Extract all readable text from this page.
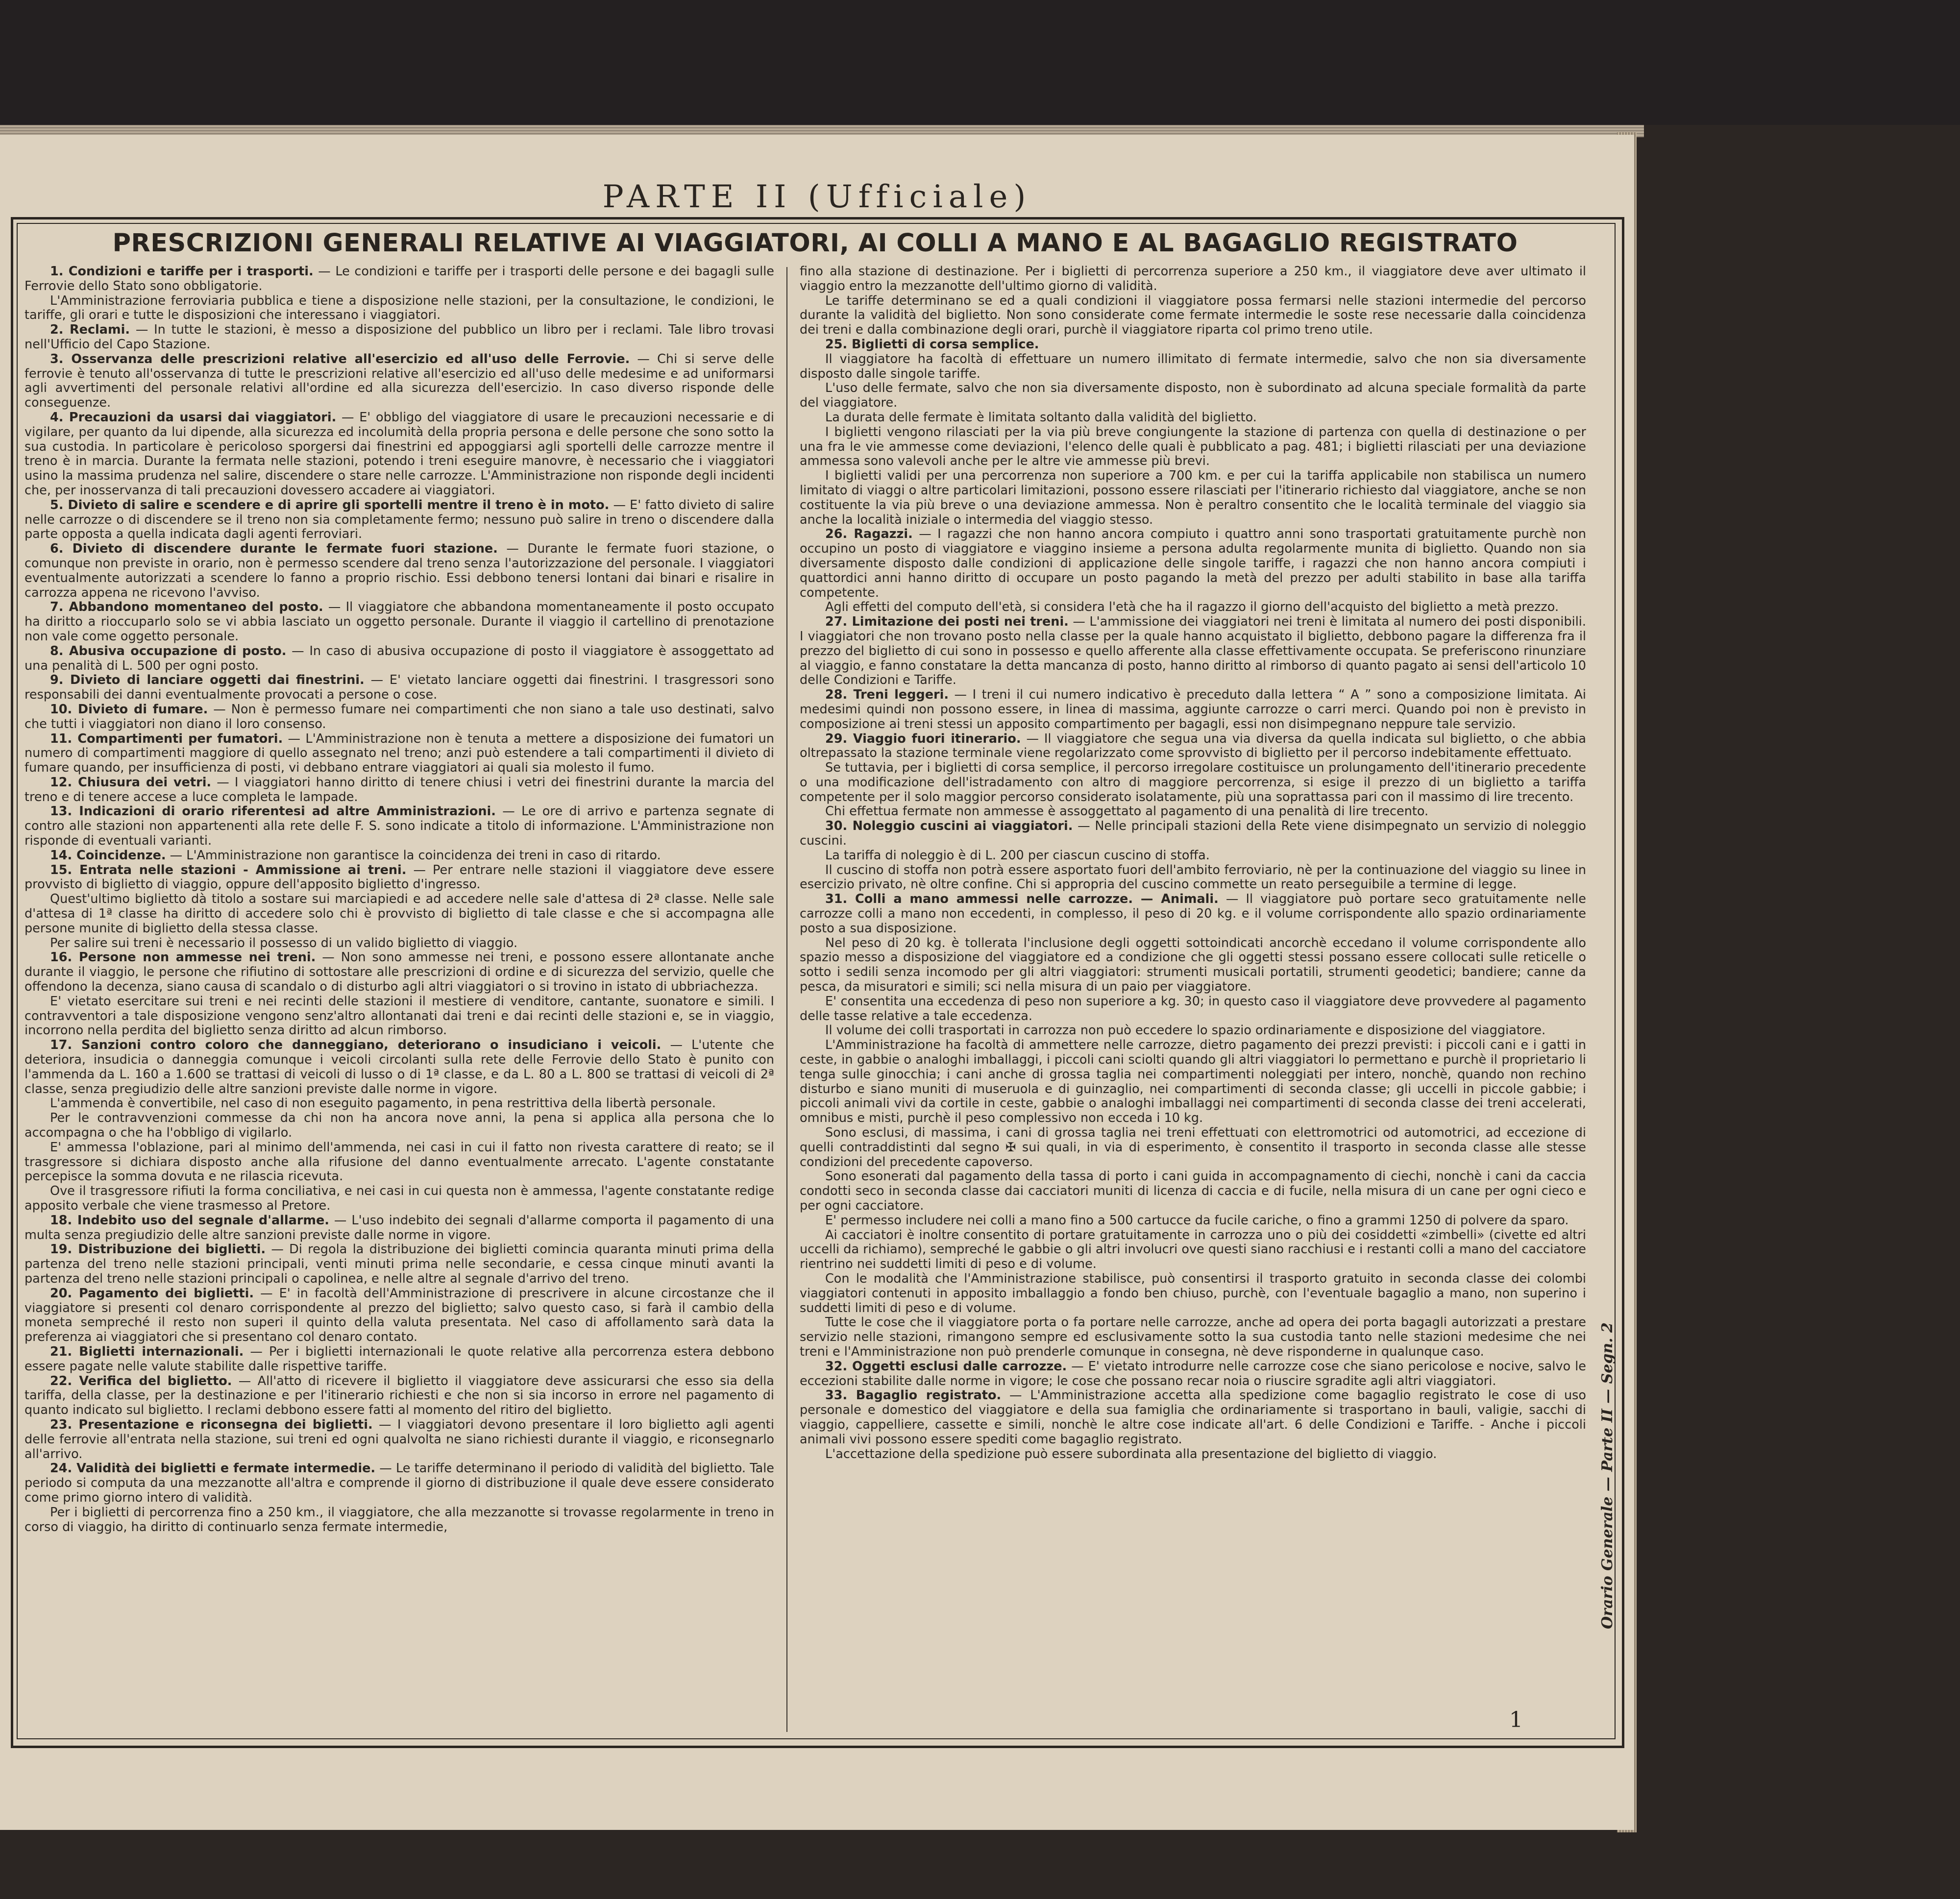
PARTE II (Ufficiale)
PRESCRIZIONI GENERALI RELATIVE AI VIAGGIATORI, AI COLLI A MANO E AL BAGAGLIO REGISTRATO

1. Condizioni e tariffe per i trasporti. — Le condizioni e tariffe per i trasporti delle persone e dei bagagli sulle Ferrovie dello Stato sono obbligatorie.

L'Amministrazione ferroviaria pubblica e tiene a disposizione nelle stazioni, per la consultazione, le condizioni, le tariffe, gli orari e tutte le disposizioni che interessano i viaggiatori.

2. Reclami. — In tutte le stazioni, è messo a disposizione del pubblico un libro per i reclami. Tale libro trovasi nell'Ufficio del Capo Stazione.

3. Osservanza delle prescrizioni relative all'esercizio ed all'uso delle Ferrovie. — Chi si serve delle ferrovie è tenuto all'osservanza di tutte le prescrizioni relative all'esercizio ed all'uso delle medesime e ad uniformarsi agli avvertimenti del personale relativi all'ordine ed alla sicurezza dell'esercizio. In caso diverso risponde delle conseguenze.

4. Precauzioni da usarsi dai viaggiatori. — E' obbligo del viaggiatore di usare le precauzioni necessarie e di vigilare, per quanto da lui dipende, alla sicurezza ed incolumità della propria persona e delle persone che sono sotto la sua custodia. In particolare è pericoloso sporgersi dai finestrini ed appoggiarsi agli sportelli delle carrozze mentre il treno è in marcia. Durante la fermata nelle stazioni, potendo i treni eseguire manovre, è necessario che i viaggiatori usino la massima prudenza nel salire, discendere o stare nelle carrozze. L'Amministrazione non risponde degli incidenti che, per inosservanza di tali precauzioni dovessero accadere ai viaggiatori.

5. Divieto di salire e scendere e di aprire gli sportelli mentre il treno è in moto. — E' fatto divieto di salire nelle carrozze o di discendere se il treno non sia completamente fermo; nessuno può salire in treno o discendere dalla parte opposta a quella indicata dagli agenti ferroviari.

6. Divieto di discendere durante le fermate fuori stazione. — Durante le fermate fuori stazione, o comunque non previste in orario, non è permesso scendere dal treno senza l'autorizzazione del personale. I viaggiatori eventualmente autorizzati a scendere lo fanno a proprio rischio. Essi debbono tenersi lontani dai binari e risalire in carrozza appena ne ricevono l'avviso.

7. Abbandono momentaneo del posto. — Il viaggiatore che abbandona momentaneamente il posto occupato ha diritto a rioccuparlo solo se vi abbia lasciato un oggetto personale. Durante il viaggio il cartellino di prenotazione non vale come oggetto personale.

8. Abusiva occupazione di posto. — In caso di abusiva occupazione di posto il viaggiatore è assoggettato ad una penalità di L. 500 per ogni posto.

9. Divieto di lanciare oggetti dai finestrini. — E' vietato lanciare oggetti dai finestrini. I trasgressori sono responsabili dei danni eventualmente provocati a persone o cose.

10. Divieto di fumare. — Non è permesso fumare nei compartimenti che non siano a tale uso destinati, salvo che tutti i viaggiatori non diano il loro consenso.

11. Compartimenti per fumatori. — L'Amministrazione non è tenuta a mettere a disposizione dei fumatori un numero di compartimenti maggiore di quello assegnato nel treno; anzi può estendere a tali compartimenti il divieto di fumare quando, per insufficienza di posti, vi debbano entrare viaggiatori ai quali sia molesto il fumo.

12. Chiusura dei vetri. — I viaggiatori hanno diritto di tenere chiusi i vetri dei finestrini durante la marcia del treno e di tenere accese a luce completa le lampade.

13. Indicazioni di orario riferentesi ad altre Amministrazioni. — Le ore di arrivo e partenza segnate di contro alle stazioni non appartenenti alla rete delle F. S. sono indicate a titolo di informazione. L'Amministrazione non risponde di eventuali varianti.

14. Coincidenze. — L'Amministrazione non garantisce la coincidenza dei treni in caso di ritardo.

15. Entrata nelle stazioni - Ammissione ai treni. — Per entrare nelle stazioni il viaggiatore deve essere provvisto di biglietto di viaggio, oppure dell'apposito biglietto d'ingresso.

Quest'ultimo biglietto dà titolo a sostare sui marciapiedi e ad accedere nelle sale d'attesa di 2ª classe. Nelle sale d'attesa di 1ª classe ha diritto di accedere solo chi è provvisto di biglietto di tale classe e che si accompagna alle persone munite di biglietto della stessa classe.

Per salire sui treni è necessario il possesso di un valido biglietto di viaggio.

16. Persone non ammesse nei treni. — Non sono ammesse nei treni, e possono essere allontanate anche durante il viaggio, le persone che rifiutino di sottostare alle prescrizioni di ordine e di sicurezza del servizio, quelle che offendono la decenza, siano causa di scandalo o di disturbo agli altri viaggiatori o si trovino in istato di ubbriachezza.

E' vietato esercitare sui treni e nei recinti delle stazioni il mestiere di venditore, cantante, suonatore e simili. I contravventori a tale disposizione vengono senz'altro allontanati dai treni e dai recinti delle stazioni e, se in viaggio, incorrono nella perdita del biglietto senza diritto ad alcun rimborso.

17. Sanzioni contro coloro che danneggiano, deteriorano o insudiciano i veicoli. — L'utente che deteriora, insudicia o danneggia comunque i veicoli circolanti sulla rete delle Ferrovie dello Stato è punito con l'ammenda da L. 160 a 1.600 se trattasi di veicoli di lusso o di 1ª classe, e da L. 80 a L. 800 se trattasi di veicoli di 2ª classe, senza pregiudizio delle altre sanzioni previste dalle norme in vigore.

L'ammenda è convertibile, nel caso di non eseguito pagamento, in pena restrittiva della libertà personale.

Per le contravvenzioni commesse da chi non ha ancora nove anni, la pena si applica alla persona che lo accompagna o che ha l'obbligo di vigilarlo.

E' ammessa l'oblazione, pari al minimo dell'ammenda, nei casi in cui il fatto non rivesta carattere di reato; se il trasgressore si dichiara disposto anche alla rifusione del danno eventualmente arrecato. L'agente constatante percepisce la somma dovuta e ne rilascia ricevuta.

Ove il trasgressore rifiuti la forma conciliativa, e nei casi in cui questa non è ammessa, l'agente constatante redige apposito verbale che viene trasmesso al Pretore.

18. Indebito uso del segnale d'allarme. — L'uso indebito dei segnali d'allarme comporta il pagamento di una multa senza pregiudizio delle altre sanzioni previste dalle norme in vigore.

19. Distribuzione dei biglietti. — Di regola la distribuzione dei biglietti comincia quaranta minuti prima della partenza del treno nelle stazioni principali, venti minuti prima nelle secondarie, e cessa cinque minuti avanti la partenza del treno nelle stazioni principali o capolinea, e nelle altre al segnale d'arrivo del treno.

20. Pagamento dei biglietti. — E' in facoltà dell'Amministrazione di prescrivere in alcune circostanze che il viaggiatore si presenti col denaro corrispondente al prezzo del biglietto; salvo questo caso, si farà il cambio della moneta sempreché il resto non superi il quinto della valuta presentata. Nel caso di affollamento sarà data la preferenza ai viaggiatori che si presentano col denaro contato.

21. Biglietti internazionali. — Per i biglietti internazionali le quote relative alla percorrenza estera debbono essere pagate nelle valute stabilite dalle rispettive tariffe.

22. Verifica del biglietto. — All'atto di ricevere il biglietto il viaggiatore deve assicurarsi che esso sia della tariffa, della classe, per la destinazione e per l'itinerario richiesti e che non si sia incorso in errore nel pagamento di quanto indicato sul biglietto. I reclami debbono essere fatti al momento del ritiro del biglietto.

23. Presentazione e riconsegna dei biglietti. — I viaggiatori devono presentare il loro biglietto agli agenti delle ferrovie all'entrata nella stazione, sui treni ed ogni qualvolta ne siano richiesti durante il viaggio, e riconsegnarlo all'arrivo.

24. Validità dei biglietti e fermate intermedie. — Le tariffe determinano il periodo di validità del biglietto. Tale periodo si computa da una mezzanotte all'altra e comprende il giorno di distribuzione il quale deve essere considerato come primo giorno intero di validità.

Per i biglietti di percorrenza fino a 250 km., il viaggiatore, che alla mezzanotte si trovasse regolarmente in treno in corso di viaggio, ha diritto di continuarlo senza fermate intermedie,

fino alla stazione di destinazione. Per i biglietti di percorrenza superiore a 250 km., il viaggiatore deve aver ultimato il viaggio entro la mezzanotte dell'ultimo giorno di validità.

Le tariffe determinano se ed a quali condizioni il viaggiatore possa fermarsi nelle stazioni intermedie del percorso durante la validità del biglietto. Non sono considerate come fermate intermedie le soste rese necessarie dalla coincidenza dei treni e dalla combinazione degli orari, purchè il viaggiatore riparta col primo treno utile.

25. Biglietti di corsa semplice.

Il viaggiatore ha facoltà di effettuare un numero illimitato di fermate intermedie, salvo che non sia diversamente disposto dalle singole tariffe.

L'uso delle fermate, salvo che non sia diversamente disposto, non è subordinato ad alcuna speciale formalità da parte del viaggiatore.

La durata delle fermate è limitata soltanto dalla validità del biglietto.

I biglietti vengono rilasciati per la via più breve congiungente la stazione di partenza con quella di destinazione o per una fra le vie ammesse come deviazioni, l'elenco delle quali è pubblicato a pag. 481; i biglietti rilasciati per una deviazione ammessa sono valevoli anche per le altre vie ammesse più brevi.

I biglietti validi per una percorrenza non superiore a 700 km. e per cui la tariffa applicabile non stabilisca un numero limitato di viaggi o altre particolari limitazioni, possono essere rilasciati per l'itinerario richiesto dal viaggiatore, anche se non costituente la via più breve o una deviazione ammessa. Non è peraltro consentito che le località terminale del viaggio sia anche la località iniziale o intermedia del viaggio stesso.

26. Ragazzi. — I ragazzi che non hanno ancora compiuto i quattro anni sono trasportati gratuitamente purchè non occupino un posto di viaggiatore e viaggino insieme a persona adulta regolarmente munita di biglietto. Quando non sia diversamente disposto dalle condizioni di applicazione delle singole tariffe, i ragazzi che non hanno ancora compiuti i quattordici anni hanno diritto di occupare un posto pagando la metà del prezzo per adulti stabilito in base alla tariffa competente.

Agli effetti del computo dell'età, si considera l'età che ha il ragazzo il giorno dell'acquisto del biglietto a metà prezzo.

27. Limitazione dei posti nei treni. — L'ammissione dei viaggiatori nei treni è limitata al numero dei posti disponibili. I viaggiatori che non trovano posto nella classe per la quale hanno acquistato il biglietto, debbono pagare la differenza fra il prezzo del biglietto di cui sono in possesso e quello afferente alla classe effettivamente occupata. Se preferiscono rinunziare al viaggio, e fanno constatare la detta mancanza di posto, hanno diritto al rimborso di quanto pagato ai sensi dell'articolo 10 delle Condizioni e Tariffe.

28. Treni leggeri. — I treni il cui numero indicativo è preceduto dalla lettera “ A ” sono a composizione limitata. Ai medesimi quindi non possono essere, in linea di massima, aggiunte carrozze o carri merci. Quando poi non è previsto in composizione ai treni stessi un apposito compartimento per bagagli, essi non disimpegnano neppure tale servizio.

29. Viaggio fuori itinerario. — Il viaggiatore che segua una via diversa da quella indicata sul biglietto, o che abbia oltrepassato la stazione terminale viene regolarizzato come sprovvisto di biglietto per il percorso indebitamente effettuato.

Se tuttavia, per i biglietti di corsa semplice, il percorso irregolare costituisce un prolungamento dell'itinerario precedente o una modificazione dell'istradamento con altro di maggiore percorrenza, si esige il prezzo di un biglietto a tariffa competente per il solo maggior percorso considerato isolatamente, più una soprattassa pari con il massimo di lire trecento.

Chi effettua fermate non ammesse è assoggettato al pagamento di una penalità di lire trecento.

30. Noleggio cuscini ai viaggiatori. — Nelle principali stazioni della Rete viene disimpegnato un servizio di noleggio cuscini.

La tariffa di noleggio è di L. 200 per ciascun cuscino di stoffa.

Il cuscino di stoffa non potrà essere asportato fuori dell'ambito ferroviario, nè per la continuazione del viaggio su linee in esercizio privato, nè oltre confine. Chi si appropria del cuscino commette un reato perseguibile a termine di legge.

31. Colli a mano ammessi nelle carrozze. — Animali. — Il viaggiatore può portare seco gratuitamente nelle carrozze colli a mano non eccedenti, in complesso, il peso di 20 kg. e il volume corrispondente allo spazio ordinariamente posto a sua disposizione.

Nel peso di 20 kg. è tollerata l'inclusione degli oggetti sottoindicati ancorchè eccedano il volume corrispondente allo spazio messo a disposizione del viaggiatore ed a condizione che gli oggetti stessi possano essere collocati sulle reticelle o sotto i sedili senza incomodo per gli altri viaggiatori: strumenti musicali portatili, strumenti geodetici; bandiere; canne da pesca, da misuratori e simili; sci nella misura di un paio per viaggiatore.

E' consentita una eccedenza di peso non superiore a kg. 30; in questo caso il viaggiatore deve provvedere al pagamento delle tasse relative a tale eccedenza.

Il volume dei colli trasportati in carrozza non può eccedere lo spazio ordinariamente e disposizione del viaggiatore.

L'Amministrazione ha facoltà di ammettere nelle carrozze, dietro pagamento dei prezzi previsti: i piccoli cani e i gatti in ceste, in gabbie o analoghi imballaggi, i piccoli cani sciolti quando gli altri viaggiatori lo permettano e purchè il proprietario li tenga sulle ginocchia; i cani anche di grossa taglia nei compartimenti noleggiati per intero, nonchè, quando non rechino disturbo e siano muniti di museruola e di guinzaglio, nei compartimenti di seconda classe; gli uccelli in piccole gabbie; i piccoli animali vivi da cortile in ceste, gabbie o analoghi imballaggi nei compartimenti di seconda classe dei treni accelerati, omnibus e misti, purchè il peso complessivo non ecceda i 10 kg.

Sono esclusi, di massima, i cani di grossa taglia nei treni effettuati con elettromotrici od automotrici, ad eccezione di quelli contraddistinti dal segno ✠ sui quali, in via di esperimento, è consentito il trasporto in seconda classe alle stesse condizioni del precedente capoverso.

Sono esonerati dal pagamento della tassa di porto i cani guida in accompagnamento di ciechi, nonchè i cani da caccia condotti seco in seconda classe dai cacciatori muniti di licenza di caccia e di fucile, nella misura di un cane per ogni cieco e per ogni cacciatore.

E' permesso includere nei colli a mano fino a 500 cartucce da fucile cariche, o fino a grammi 1250 di polvere da sparo.

Ai cacciatori è inoltre consentito di portare gratuitamente in carrozza uno o più dei cosiddetti «zimbelli» (civette ed altri uccelli da richiamo), sempreché le gabbie o gli altri involucri ove questi siano racchiusi e i restanti colli a mano del cacciatore rientrino nei suddetti limiti di peso e di volume.

Con le modalità che l'Amministrazione stabilisce, può consentirsi il trasporto gratuito in seconda classe dei colombi viaggiatori contenuti in apposito imballaggio a fondo ben chiuso, purchè, con l'eventuale bagaglio a mano, non superino i suddetti limiti di peso e di volume.

Tutte le cose che il viaggiatore porta o fa portare nelle carrozze, anche ad opera dei porta bagagli autorizzati a prestare servizio nelle stazioni, rimangono sempre ed esclusivamente sotto la sua custodia tanto nelle stazioni medesime che nei treni e l'Amministrazione non può prenderle comunque in consegna, nè deve risponderne in qualunque caso.

32. Oggetti esclusi dalle carrozze. — E' vietato introdurre nelle carrozze cose che siano pericolose e nocive, salvo le eccezioni stabilite dalle norme in vigore; le cose che possano recar noia o riuscire sgradite agli altri viaggiatori.

33. Bagaglio registrato. — L'Amministrazione accetta alla spedizione come bagaglio registrato le cose di uso personale e domestico del viaggiatore e della sua famiglia che ordinariamente si trasportano in bauli, valigie, sacchi di viaggio, cappelliere, cassette e simili, nonchè le altre cose indicate all'art. 6 delle Condizioni e Tariffe. - Anche i piccoli animali vivi possono essere spediti come bagaglio registrato.

L'accettazione della spedizione può essere subordinata alla presentazione del biglietto di viaggio.	Orario Generale — Parte II — Segn. 2
1
